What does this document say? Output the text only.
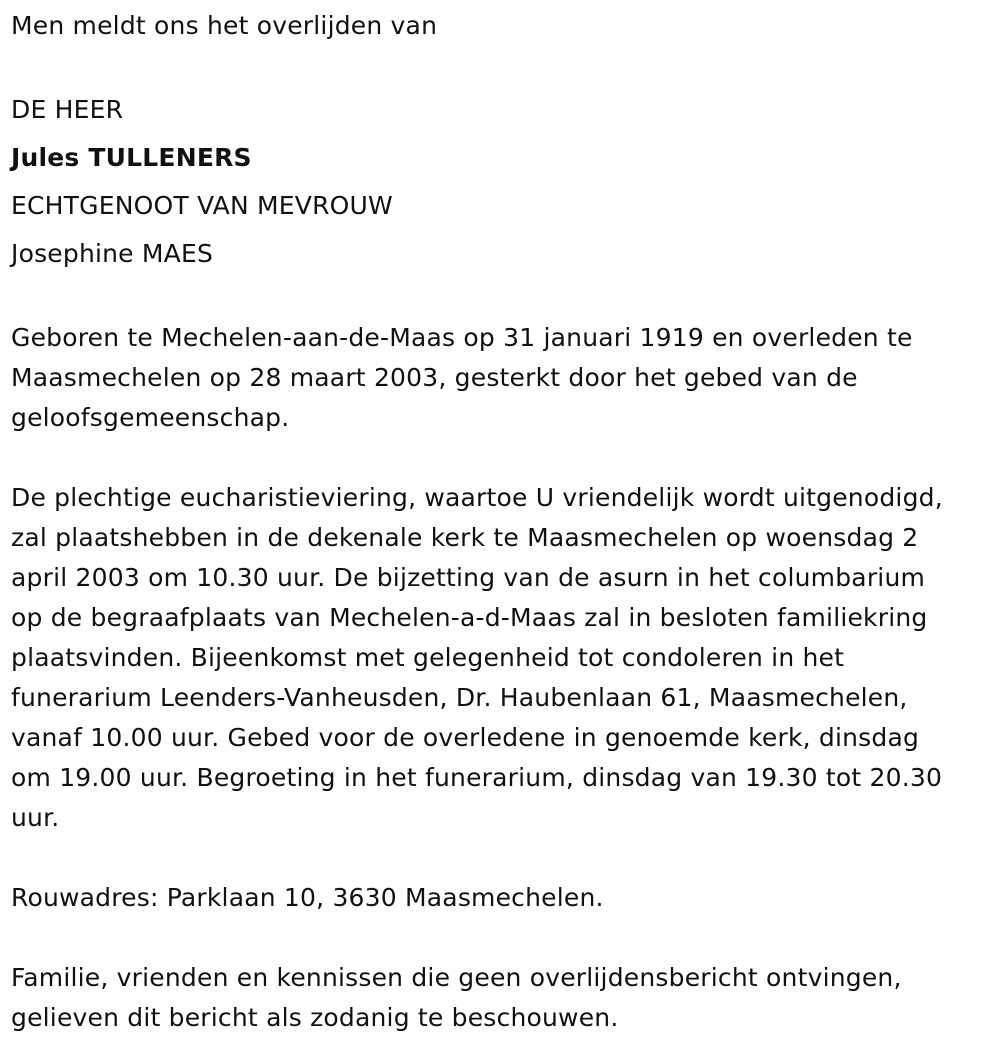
Men meldt ons het overlijden van
DE HEER
Jules TULLENERS
ECHTGENOOT VAN MEVROUW
Josephine MAES
Geboren te Mechelen-aan-de-Maas op 31 januari 1919 en overleden te
Maasmechelen op 28 maart 2003, gesterkt door het gebed van de
geloofsgemeenschap.
De plechtige eucharistieviering, waartoe U vriendelijk wordt uitgenodigd,
zal plaatshebben in de dekenale kerk te Maasmechelen op woensdag 2
april 2003 om 10.30 uur. De bijzetting van de asurn in het columbarium
op de begraafplaats van Mechelen-a-d-Maas zal in besloten familiekring
plaatsvinden. Bijeenkomst met gelegenheid tot condoleren in het
funerarium Leenders-Vanheusden, Dr. Haubenlaan 61, Maasmechelen,
vanaf 10.00 uur. Gebed voor de overledene in genoemde kerk, dinsdag
om 19.00 uur. Begroeting in het funerarium, dinsdag van 19.30 tot 20.30
uur.
Rouwadres: Parklaan 10, 3630 Maasmechelen.
Familie, vrienden en kennissen die geen overlijdensbericht ontvingen,
gelieven dit bericht als zodanig te beschouwen.
